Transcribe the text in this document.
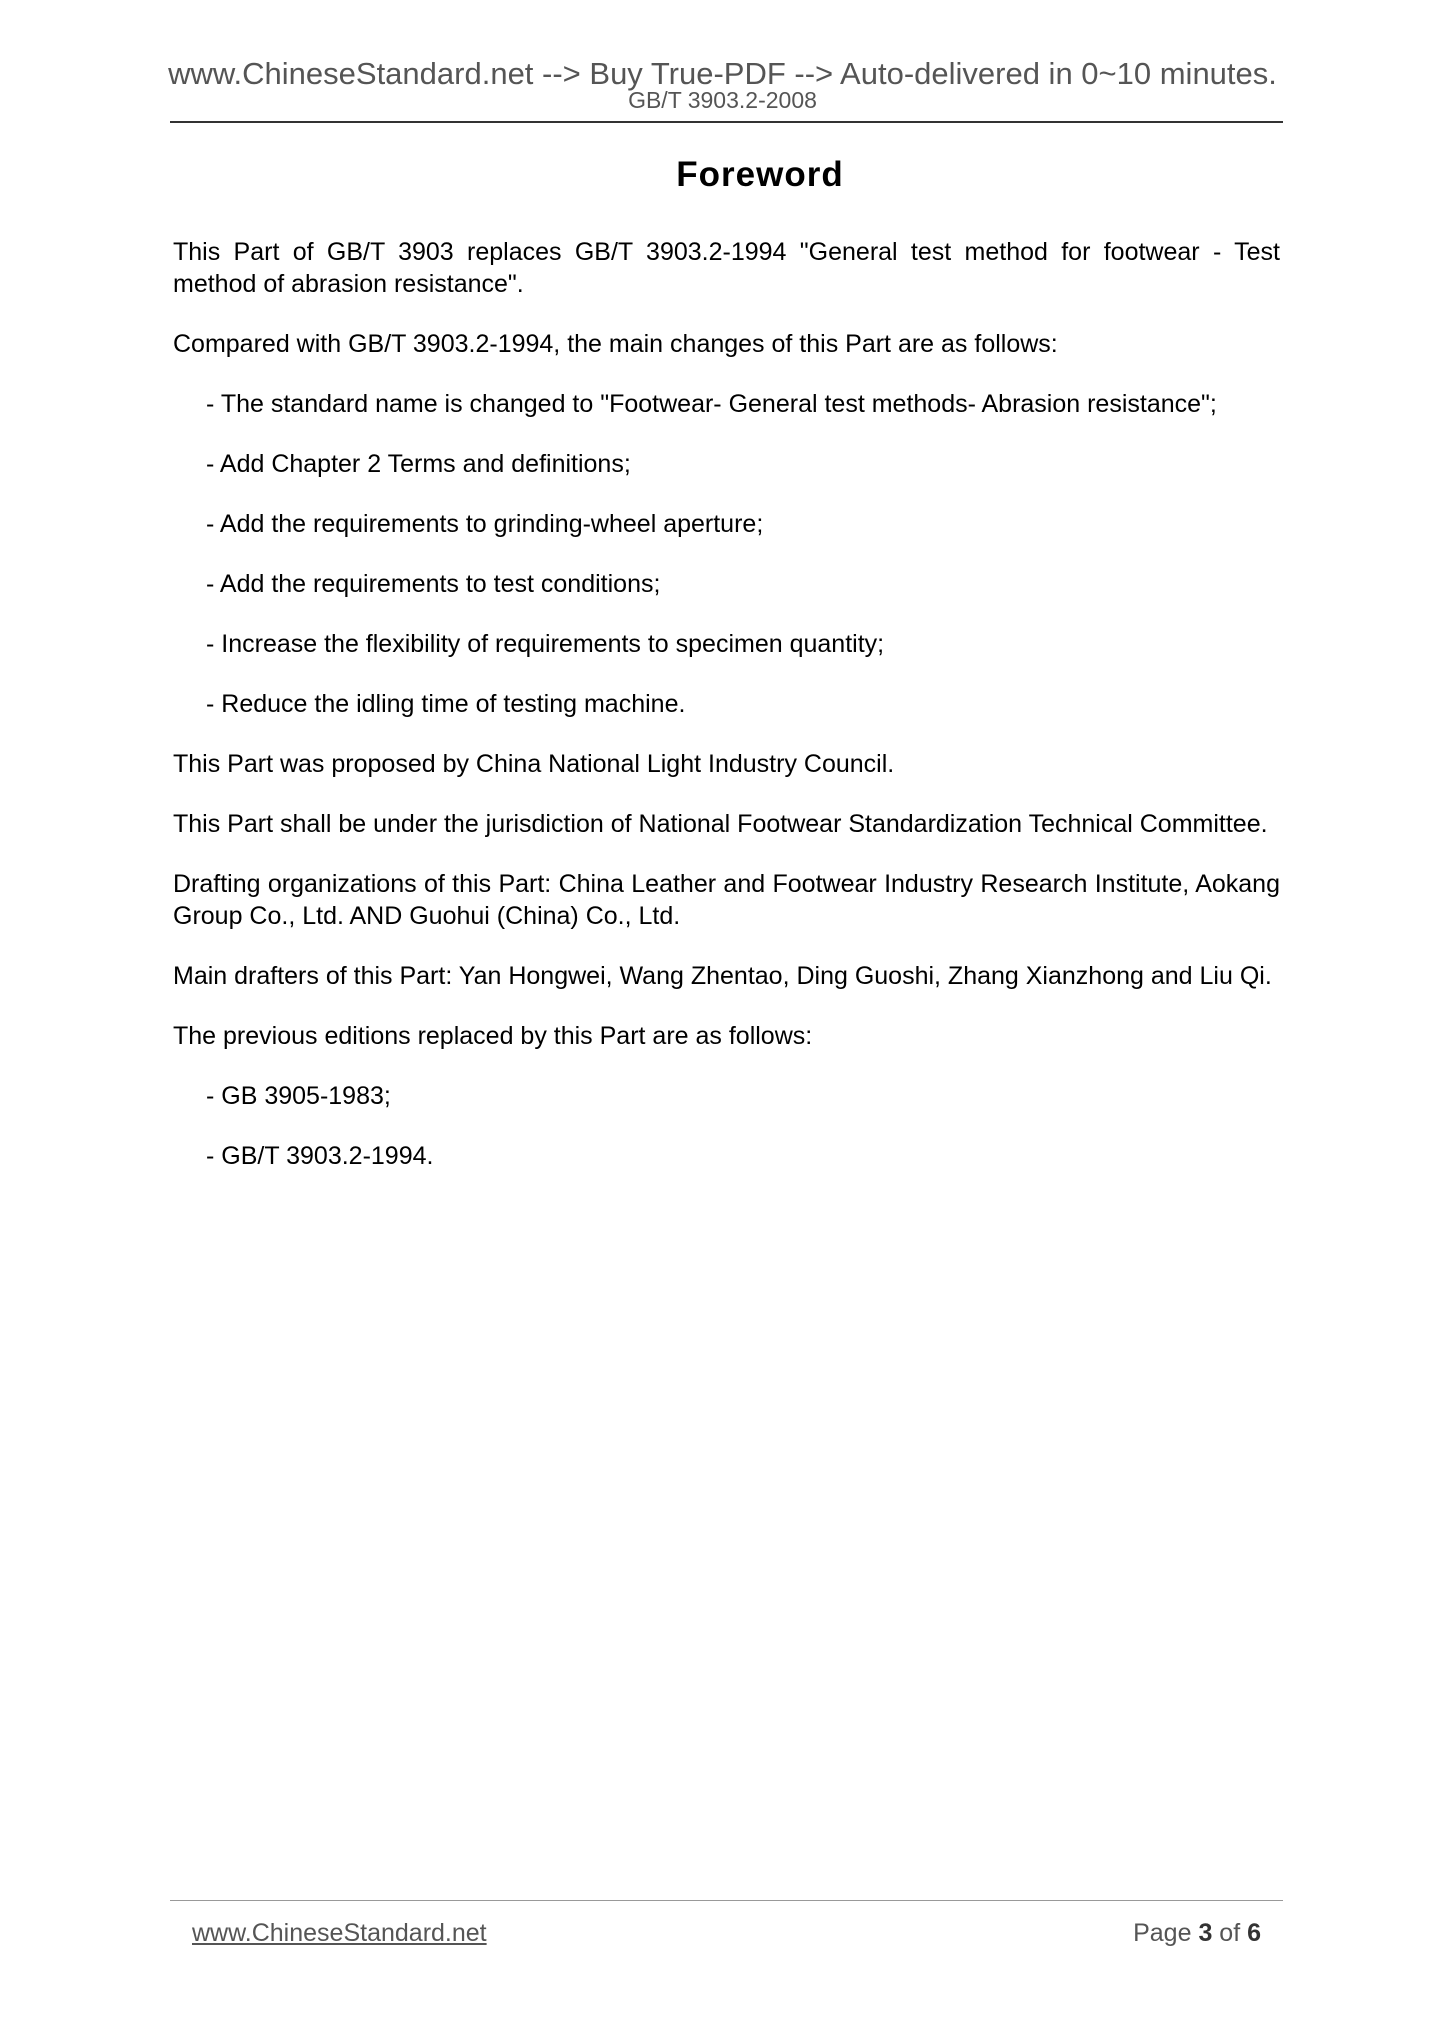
www.ChineseStandard.net --> Buy True-PDF --> Auto-delivered in 0~10 minutes.
GB/T 3903.2-2008
Foreword

This Part of GB/T 3903 replaces GB/T 3903.2-1994 "General test method for footwear - Test method of abrasion resistance".

Compared with GB/T 3903.2-1994, the main changes of this Part are as follows:

- The standard name is changed to "Footwear- General test methods- Abrasion resistance";
- Add Chapter 2 Terms and definitions;
- Add the requirements to grinding-wheel aperture;
- Add the requirements to test conditions;
- Increase the flexibility of requirements to specimen quantity;
- Reduce the idling time of testing machine.

This Part was proposed by China National Light Industry Council.

This Part shall be under the jurisdiction of National Footwear Standardization Technical Committee.

Drafting organizations of this Part: China Leather and Footwear Industry Research Institute, Aokang Group Co., Ltd. AND Guohui (China) Co., Ltd.

Main drafters of this Part: Yan Hongwei, Wang Zhentao, Ding Guoshi, Zhang Xianzhong and Liu Qi.

The previous editions replaced by this Part are as follows:

- GB 3905-1983;
- GB/T 3903.2-1994.
www.ChineseStandard.net	Page 3 of 6
